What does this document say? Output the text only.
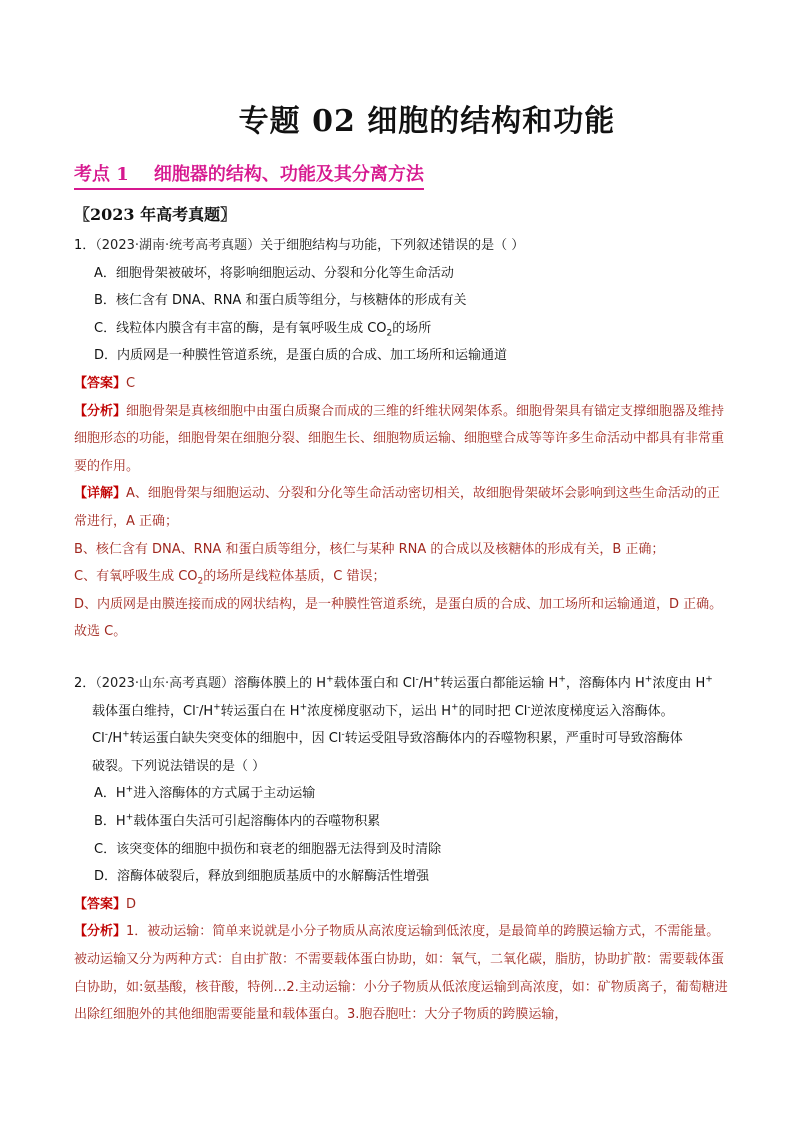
专题 02 细胞的结构和功能
考点 1    细胞器的结构、功能及其分离方法
〖2023 年高考真题〗

1．（2023·湖南·统考高考真题）关于细胞结构与功能，下列叙述错误的是（ ）

A．细胞骨架被破坏，将影响细胞运动、分裂和分化等生命活动

B．核仁含有 DNA、RNA 和蛋白质等组分，与核糖体的形成有关

C．线粒体内膜含有丰富的酶，是有氧呼吸生成 $CO_2$的场所

D．内质网是一种膜性管道系统，是蛋白质的合成、加工场所和运输通道

【答案】C

【分析】细胞骨架是真核细胞中由蛋白质聚合而成的三维的纤维状网架体系。细胞骨架具有锚定支撑细胞器及维持细胞形态的功能，细胞骨架在细胞分裂、细胞生长、细胞物质运输、细胞壁合成等等许多生命活动中都具有非常重要的作用。

【详解】A、细胞骨架与细胞运动、分裂和分化等生命活动密切相关，故细胞骨架破坏会影响到这些生命活动的正常进行，A 正确；

B、核仁含有 DNA、RNA 和蛋白质等组分，核仁与某种 RNA 的合成以及核糖体的形成有关，B 正确；

C、有氧呼吸生成 $CO_2$的场所是线粒体基质，C 错误；

D、内质网是由膜连接而成的网状结构，是一种膜性管道系统，是蛋白质的合成、加工场所和运输通道，D 正确。

故选 C。

2．（2023·山东·高考真题）溶酶体膜上的 H+载体蛋白和 Cl-/H+转运蛋白都能运输 H+，溶酶体内 H+浓度由 H+

载体蛋白维持，Cl-/H+转运蛋白在 H+浓度梯度驱动下，运出 H+的同时把 Cl-逆浓度梯度运入溶酶体。

Cl-/H+转运蛋白缺失突变体的细胞中，因 Cl-转运受阻导致溶酶体内的吞噬物积累，严重时可导致溶酶体

破裂。下列说法错误的是（ ）

A．H+进入溶酶体的方式属于主动运输

B．H+载体蛋白失活可引起溶酶体内的吞噬物积累

C．该突变体的细胞中损伤和衰老的细胞器无法得到及时清除

D．溶酶体破裂后，释放到细胞质基质中的水解酶活性增强

【答案】D

【分析】1．被动运输：简单来说就是小分子物质从高浓度运输到低浓度，是最简单的跨膜运输方式，不需能量。被动运输又分为两种方式：自由扩散：不需要载体蛋白协助，如：氧气，二氧化碳，脂肪，协助扩散：需要载体蛋白协助，如:氨基酸，核苷酸，特例…2.主动运输：小分子物质从低浓度运输到高浓度，如：矿物质离子，葡萄糖进出除红细胞外的其他细胞需要能量和载体蛋白。3.胞吞胞吐：大分子物质的跨膜运输，
